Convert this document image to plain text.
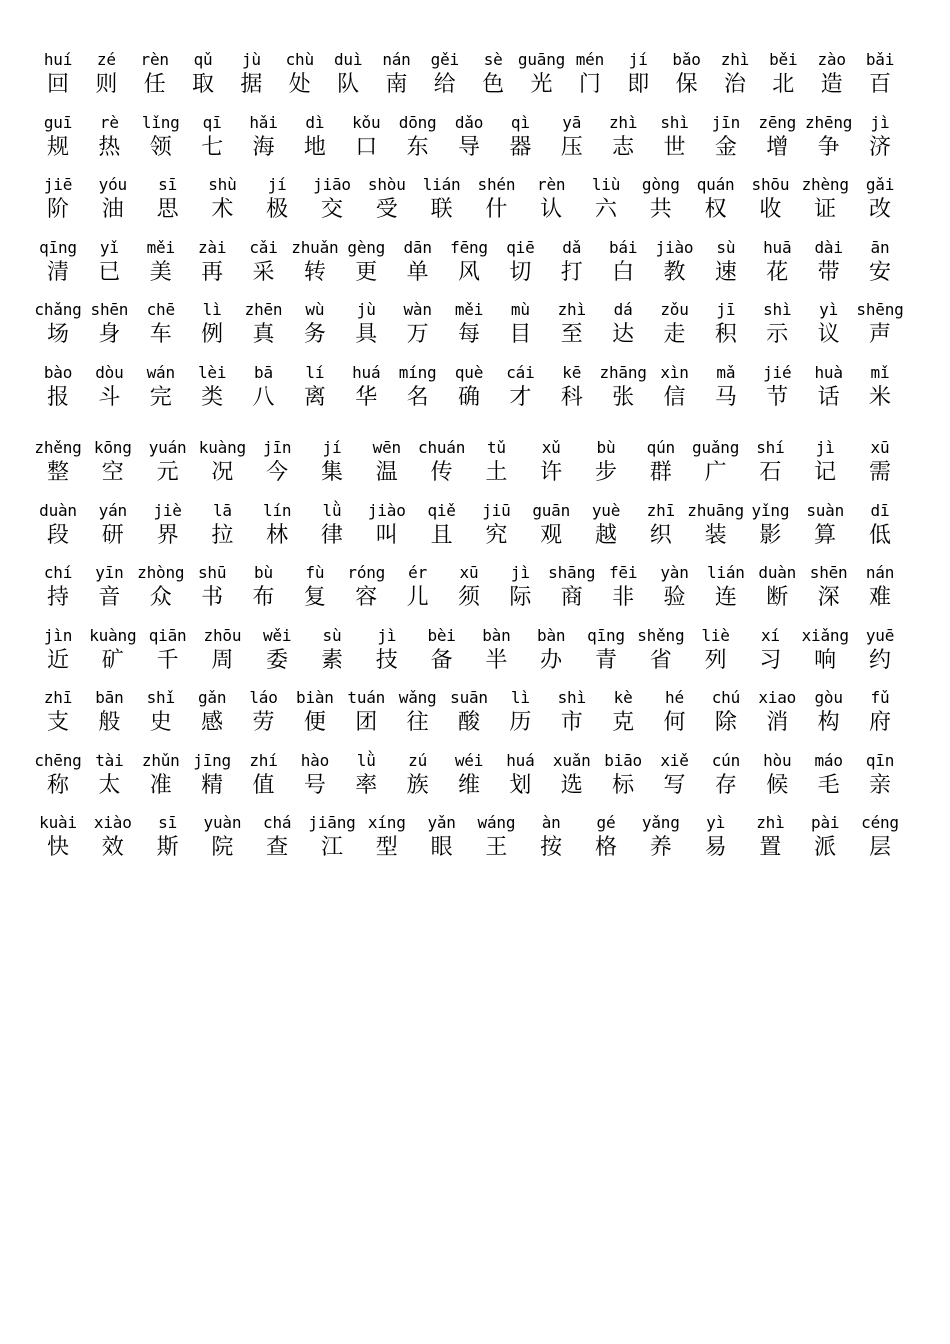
huí
回
zé
则
rèn
任
qǔ
取
jù
据
chù
处
duì
队
nán
南
gěi
给
sè
色
guāng
光
mén
门
jí
即
bǎo
保
zhì
治
běi
北
zào
造
bǎi
百
guī
规
rè
热
lǐng
领
qī
七
hǎi
海
dì
地
kǒu
口
dōng
东
dǎo
导
qì
器
yā
压
zhì
志
shì
世
jīn
金
zēng
增
zhēng
争
jì
济
jiē
阶
yóu
油
sī
思
shù
术
jí
极
jiāo
交
shòu
受
lián
联
shén
什
rèn
认
liù
六
gòng
共
quán
权
shōu
收
zhèng
证
gǎi
改
qīng
清
yǐ
已
měi
美
zài
再
cǎi
采
zhuǎn
转
gèng
更
dān
单
fēng
风
qiē
切
dǎ
打
bái
白
jiào
教
sù
速
huā
花
dài
带
ān
安
chǎng
场
shēn
身
chē
车
lì
例
zhēn
真
wù
务
jù
具
wàn
万
měi
每
mù
目
zhì
至
dá
达
zǒu
走
jī
积
shì
示
yì
议
shēng
声
bào
报
dòu
斗
wán
完
lèi
类
bā
八
lí
离
huá
华
míng
名
què
确
cái
才
kē
科
zhāng
张
xìn
信
mǎ
马
jié
节
huà
话
mǐ
米
zhěng
整
kōng
空
yuán
元
kuàng
况
jīn
今
jí
集
wēn
温
chuán
传
tǔ
土
xǔ
许
bù
步
qún
群
guǎng
广
shí
石
jì
记
xū
需
duàn
段
yán
研
jiè
界
lā
拉
lín
林
lǜ
律
jiào
叫
qiě
且
jiū
究
guān
观
yuè
越
zhī
织
zhuāng
装
yǐng
影
suàn
算
dī
低
chí
持
yīn
音
zhòng
众
shū
书
bù
布
fù
复
róng
容
ér
儿
xū
须
jì
际
shāng
商
fēi
非
yàn
验
lián
连
duàn
断
shēn
深
nán
难
jìn
近
kuàng
矿
qiān
千
zhōu
周
wěi
委
sù
素
jì
技
bèi
备
bàn
半
bàn
办
qīng
青
shěng
省
liè
列
xí
习
xiǎng
响
yuē
约
zhī
支
bān
般
shǐ
史
gǎn
感
láo
劳
biàn
便
tuán
团
wǎng
往
suān
酸
lì
历
shì
市
kè
克
hé
何
chú
除
xiao
消
gòu
构
fǔ
府
chēng
称
tài
太
zhǔn
准
jīng
精
zhí
值
hào
号
lǜ
率
zú
族
wéi
维
huá
划
xuǎn
选
biāo
标
xiě
写
cún
存
hòu
候
máo
毛
qīn
亲
kuài
快
xiào
效
sī
斯
yuàn
院
chá
查
jiāng
江
xíng
型
yǎn
眼
wáng
王
àn
按
gé
格
yǎng
养
yì
易
zhì
置
pài
派
céng
层
